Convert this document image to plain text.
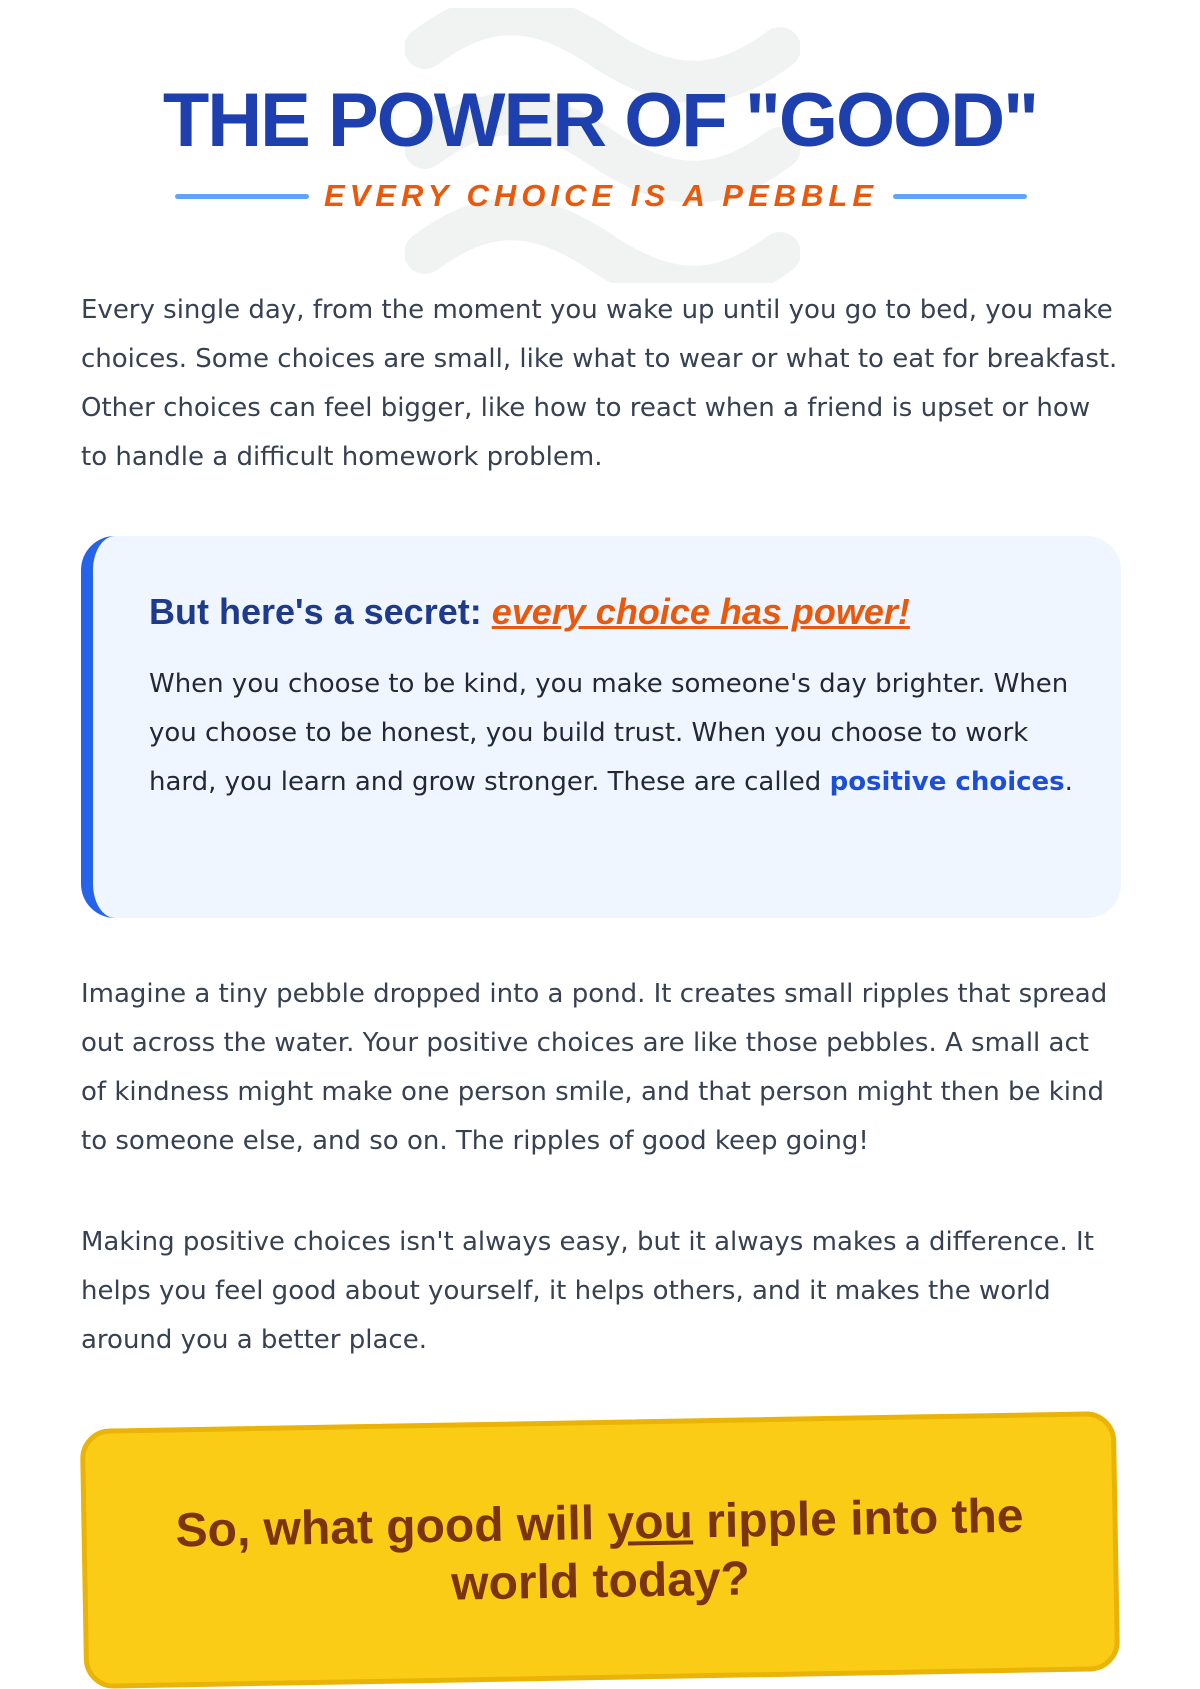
THE POWER OF "GOOD"
EVERY CHOICE IS A PEBBLE

Every single day, from the moment you wake up until you go to bed, you make choices. Some choices are small, like what to wear or what to eat for breakfast. Other choices can feel bigger, like how to react when a friend is upset or how to handle a difficult homework problem.

But here's a secret: every choice has power!

When you choose to be kind, you make someone's day brighter. When you choose to be honest, you build trust. When you choose to work hard, you learn and grow stronger. These are called positive choices.

Imagine a tiny pebble dropped into a pond. It creates small ripples that spread out across the water. Your positive choices are like those pebbles. A small act of kindness might make one person smile, and that person might then be kind to someone else, and so on. The ripples of good keep going!

Making positive choices isn't always easy, but it always makes a difference. It helps you feel good about yourself, it helps others, and it makes the world around you a better place.

So, what good will you ripple into the world today?
